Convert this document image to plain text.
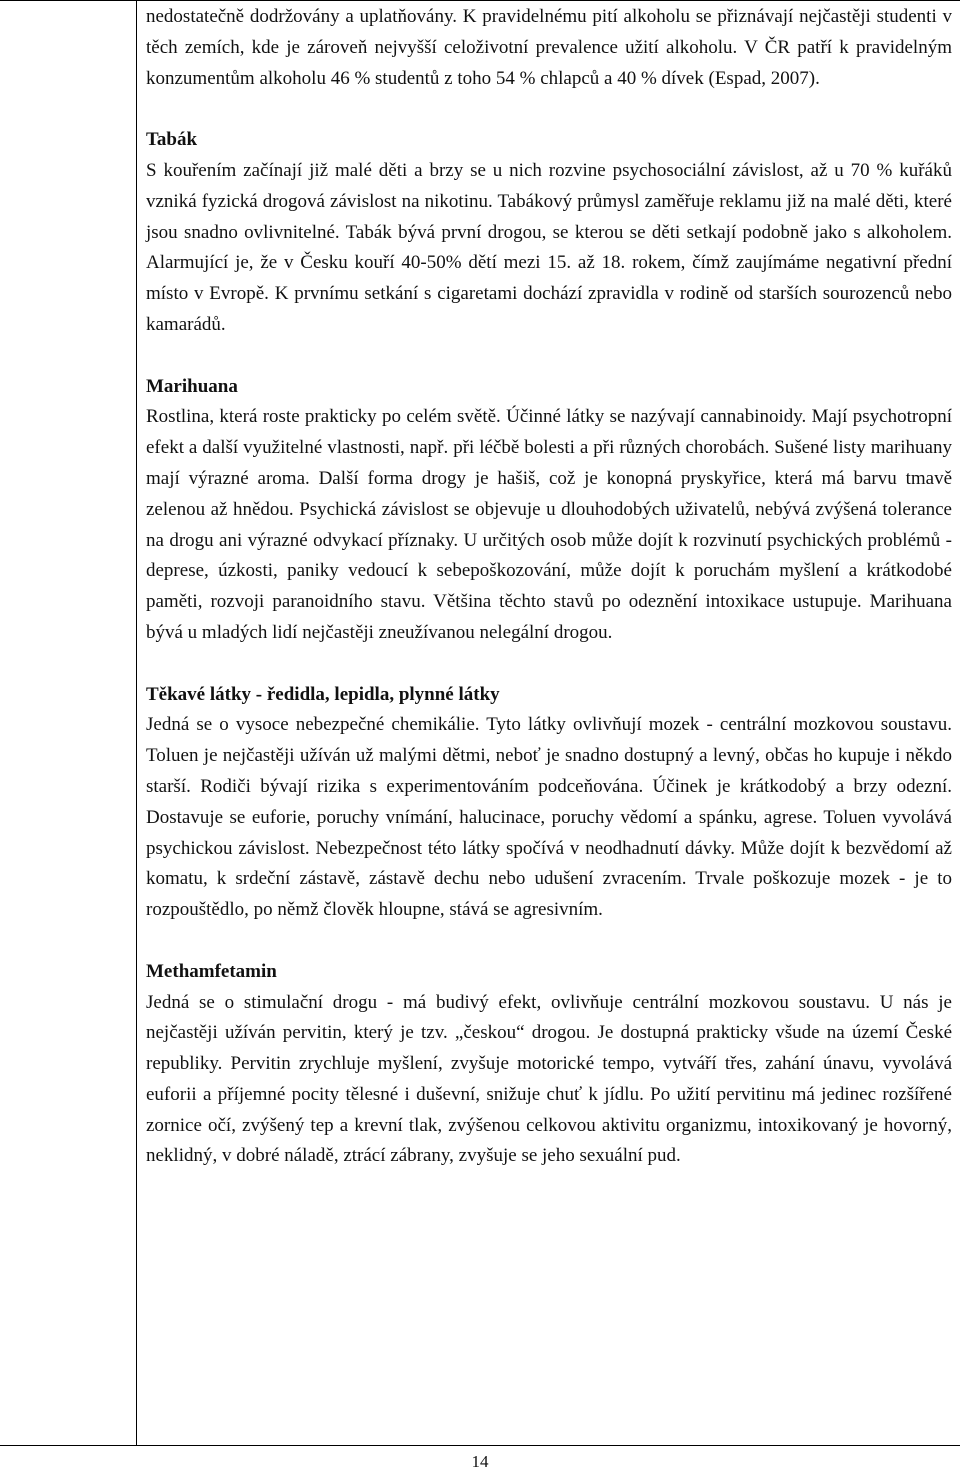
nedostatečně dodržovány a uplatňovány. K pravidelnému pití alkoholu se přiznávají nejčastěji studenti v těch zemích, kde je zároveň nejvyšší celoživotní prevalence užití alkoholu. V ČR patří k pravidelným konzumentům alkoholu 46 % studentů z toho 54 % chlapců a 40 % dívek (Espad, 2007).

Tabák

S kouřením začínají již malé děti a brzy se u nich rozvine psychosociální závislost, až u 70 % kuřáků vzniká fyzická drogová závislost na nikotinu. Tabákový průmysl zaměřuje reklamu již na malé děti, které jsou snadno ovlivnitelné. Tabák bývá první drogou, se kterou se děti setkají podobně jako s alkoholem. Alarmující je, že v Česku kouří 40-50% dětí mezi 15. až 18. rokem, čímž zaujímáme negativní přední místo v Evropě. K prvnímu setkání s cigaretami dochází zpravidla v rodině od starších sourozenců nebo kamarádů.

Marihuana

Rostlina, která roste prakticky po celém světě. Účinné látky se nazývají cannabinoidy. Mají psychotropní efekt a další využitelné vlastnosti, např. při léčbě bolesti a při různých chorobách. Sušené listy marihuany mají výrazné aroma. Další forma drogy je hašiš, což je konopná pryskyřice, která má barvu tmavě zelenou až hnědou. Psychická závislost se objevuje u dlouhodobých uživatelů, nebývá zvýšená tolerance na drogu ani výrazné odvykací příznaky. U určitých osob může dojít k rozvinutí psychických problémů - deprese, úzkosti, paniky vedoucí k sebepoškozování, může dojít k poruchám myšlení a krátkodobé paměti, rozvoji paranoidního stavu. Většina těchto stavů po odeznění intoxikace ustupuje. Marihuana bývá u mladých lidí nejčastěji zneužívanou nelegální drogou.

Těkavé látky - ředidla, lepidla, plynné látky

Jedná se o vysoce nebezpečné chemikálie. Tyto látky ovlivňují mozek - centrální mozkovou soustavu. Toluen je nejčastěji užíván už malými dětmi, neboť je snadno dostupný a levný, občas ho kupuje i někdo starší. Rodiči bývají rizika s experimentováním podceňována. Účinek je krátkodobý a brzy odezní. Dostavuje se euforie, poruchy vnímání, halucinace, poruchy vědomí a spánku, agrese. Toluen vyvolává psychickou závislost. Nebezpečnost této látky spočívá v neodhadnutí dávky. Může dojít k bezvědomí až komatu, k srdeční zástavě, zástavě dechu nebo udušení zvracením. Trvale poškozuje mozek - je to rozpouštědlo, po němž člověk hloupne, stává se agresivním.

Methamfetamin

Jedná se o stimulační drogu - má budivý efekt, ovlivňuje centrální mozkovou soustavu. U nás je nejčastěji užíván pervitin, který je tzv. „českou“ drogou. Je dostupná prakticky všude na území České republiky. Pervitin zrychluje myšlení, zvyšuje motorické tempo, vytváří třes, zahání únavu, vyvolává euforii a příjemné pocity tělesné i duševní, snižuje chuť k jídlu. Po užití pervitinu má jedinec rozšířené zornice očí, zvýšený tep a krevní tlak, zvýšenou celkovou aktivitu organizmu, intoxikovaný je hovorný, neklidný, v dobré náladě, ztrácí zábrany, zvyšuje se jeho sexuální pud.

14
